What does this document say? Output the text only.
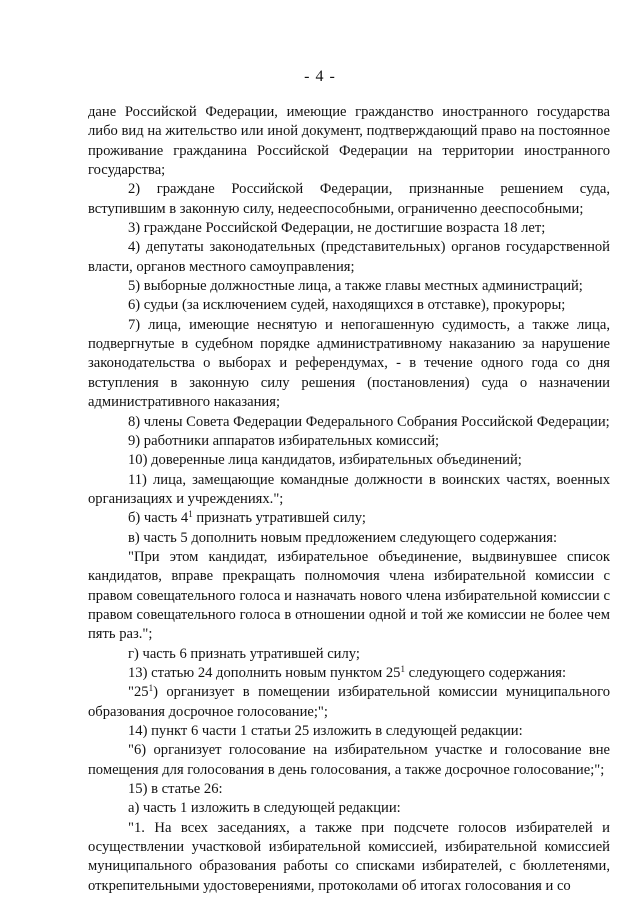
- 4 -

дане Российской Федерации, имеющие гражданство иностранного государства либо вид на жительство или иной документ, подтверждающий право на постоянное проживание гражданина Российской Федерации на территории иностранного государства;

2) граждане Российской Федерации, признанные решением суда, вступившим в законную силу, недееспособными, ограниченно дееспособными;

3) граждане Российской Федерации, не достигшие возраста 18 лет;

4) депутаты законодательных (представительных) органов государственной власти, органов местного самоуправления;

5) выборные должностные лица, а также главы местных администраций;

6) судьи (за исключением судей, находящихся в отставке), прокуроры;

7) лица, имеющие неснятую и непогашенную судимость, а также лица, подвергнутые в судебном порядке административному наказанию за нарушение законодательства о выборах и референдумах, - в течение одного года со дня вступления в законную силу решения (постановления) суда о назначении административного наказания;

8) члены Совета Федерации Федерального Собрания Российской Федерации;

9) работники аппаратов избирательных комиссий;

10) доверенные лица кандидатов, избирательных объединений;

11) лица, замещающие командные должности в воинских частях, военных организациях и учреждениях.";

б) часть $4^1$ признать утратившей силу;

в) часть 5 дополнить новым предложением следующего содержания:

"При этом кандидат, избирательное объединение, выдвинувшее список кандидатов, вправе прекращать полномочия члена избирательной комиссии с правом совещательного голоса и назначать нового члена избирательной комиссии с правом совещательного голоса в отношении одной и той же комиссии не более чем пять раз.";

г) часть 6 признать утратившей силу;

13) статью 24 дополнить новым пунктом $25^1$ следующего содержания:

"$25^1$) организует в помещении избирательной комиссии муниципального образования досрочное голосование;";

14) пункт 6 части 1 статьи 25 изложить в следующей редакции:

"6) организует голосование на избирательном участке и голосование вне помещения для голосования в день голосования, а также досрочное голосование;";

15) в статье 26:

а) часть 1 изложить в следующей редакции:

"1. На всех заседаниях, а также при подсчете голосов избирателей и осуществлении участковой избирательной комиссией, избирательной комиссией муниципального образования работы со списками избирателей, с бюллетенями, открепительными удостоверениями, протоколами об итогах голосования и со
